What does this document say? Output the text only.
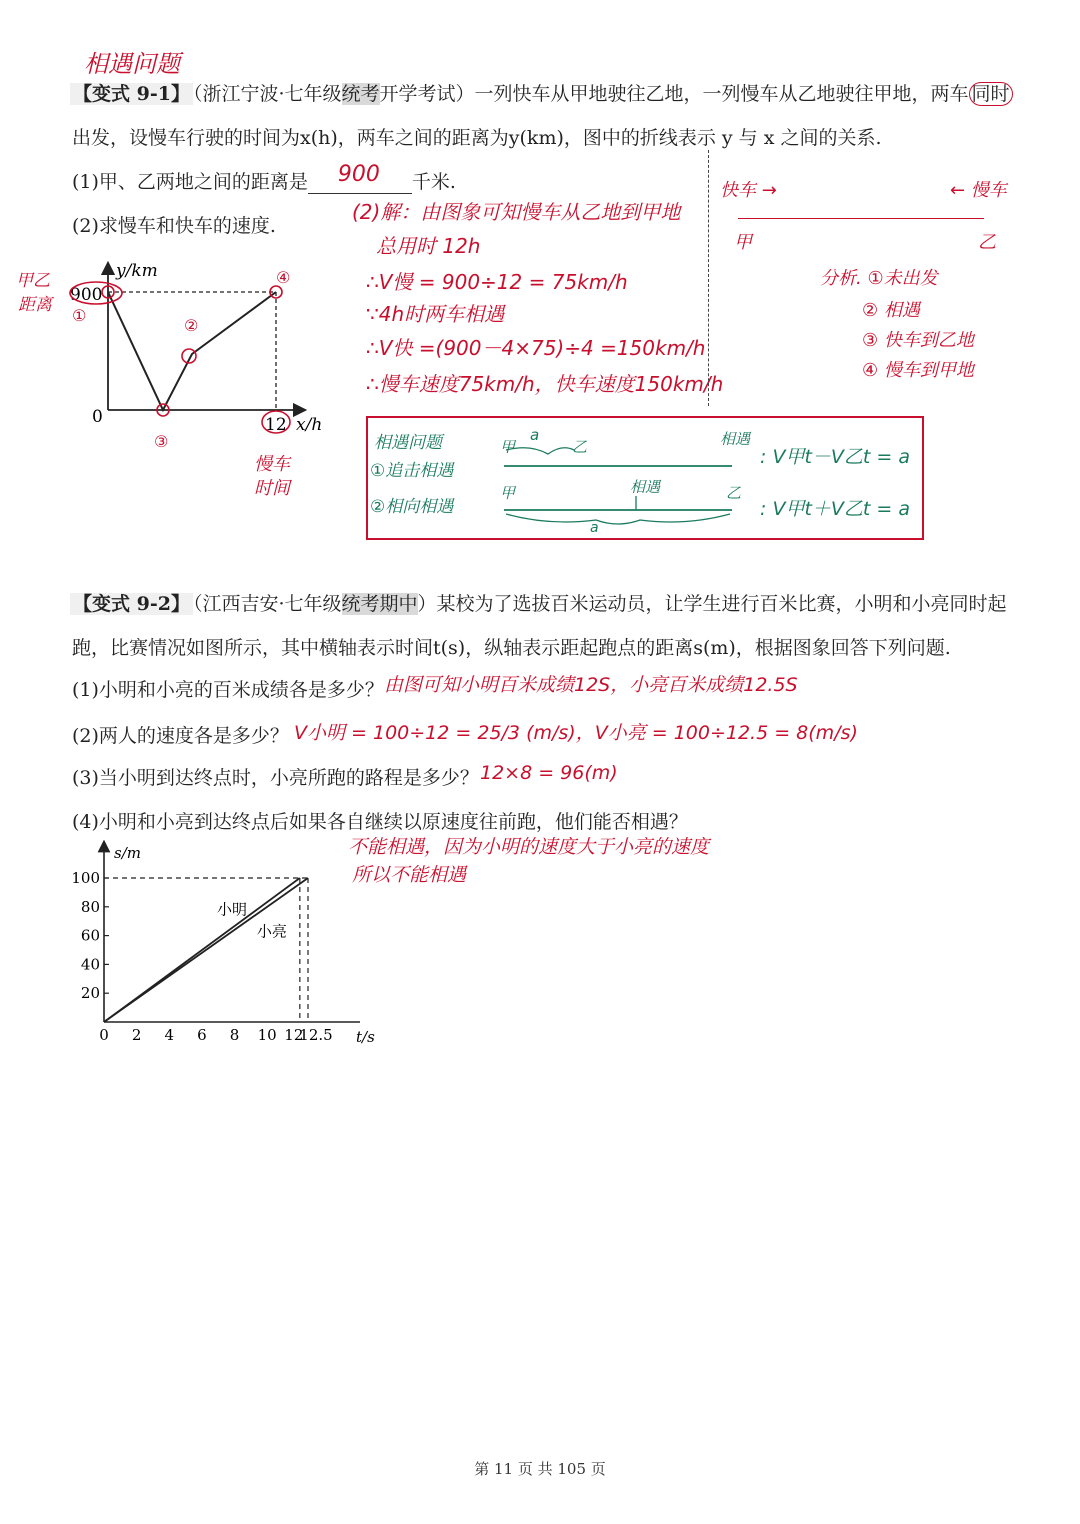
相遇问题
【变式 9-1】 （浙江宁波·七年级统考开学考试）一列快车从甲地驶往乙地，一列慢车从乙地驶往甲地，两车 同时
出发，设慢车行驶的时间为x(h)，两车之间的距离为y(km)，图中的折线表示 y 与 x 之间的关系.
(1)甲、乙两地之间的距离是 900 千米.
(2)求慢车和快车的速度.
y/km
x/h
900
0	12
甲乙
距离
①
②
③
④
慢车
时间
(2)解：由图象可知慢车从乙地到甲地
总用时 12h
∴V慢 = 900÷12 = 75km/h
∵4h时两车相遇
∴V快 =(900－4×75)÷4 =150km/h
∴慢车速度75km/h，快车速度150km/h
快车 →	← 慢车
甲	乙
分析. ①未出发
② 相遇
③ 快车到乙地
④ 慢车到甲地
相遇问题
①追击相遇
②相向相遇
甲
a
乙	相遇
甲	相遇	乙
a
: V甲t－V乙t = a
: V甲t＋V乙t = a
【变式 9-2】 （江西吉安·七年级统考期中）某校为了选拔百米运动员，让学生进行百米比赛，小明和小亮同时起
跑，比赛情况如图所示，其中横轴表示时间t(s)，纵轴表示距起跑点的距离s(m)，根据图象回答下列问题.
(1)小明和小亮的百米成绩各是多少？ 由图可知小明百米成绩12S，小亮百米成绩12.5S
(2)两人的速度各是多少？ V小明 = 100÷12 = 25/3 (m/s)，V小亮 = 100÷12.5 = 8(m/s)
(3)当小明到达终点时，小亮所跑的路程是多少？ 12×8 = 96(m)
(4)小明和小亮到达终点后如果各自继续以原速度往前跑，他们能否相遇？
不能相遇，因为小明的速度大于小亮的速度
所以不能相遇
s/m
t/s
20
40
60
80
100
0 2 4 6 8 10 12
12.5
小明
小亮
第 11 页 共 105 页
